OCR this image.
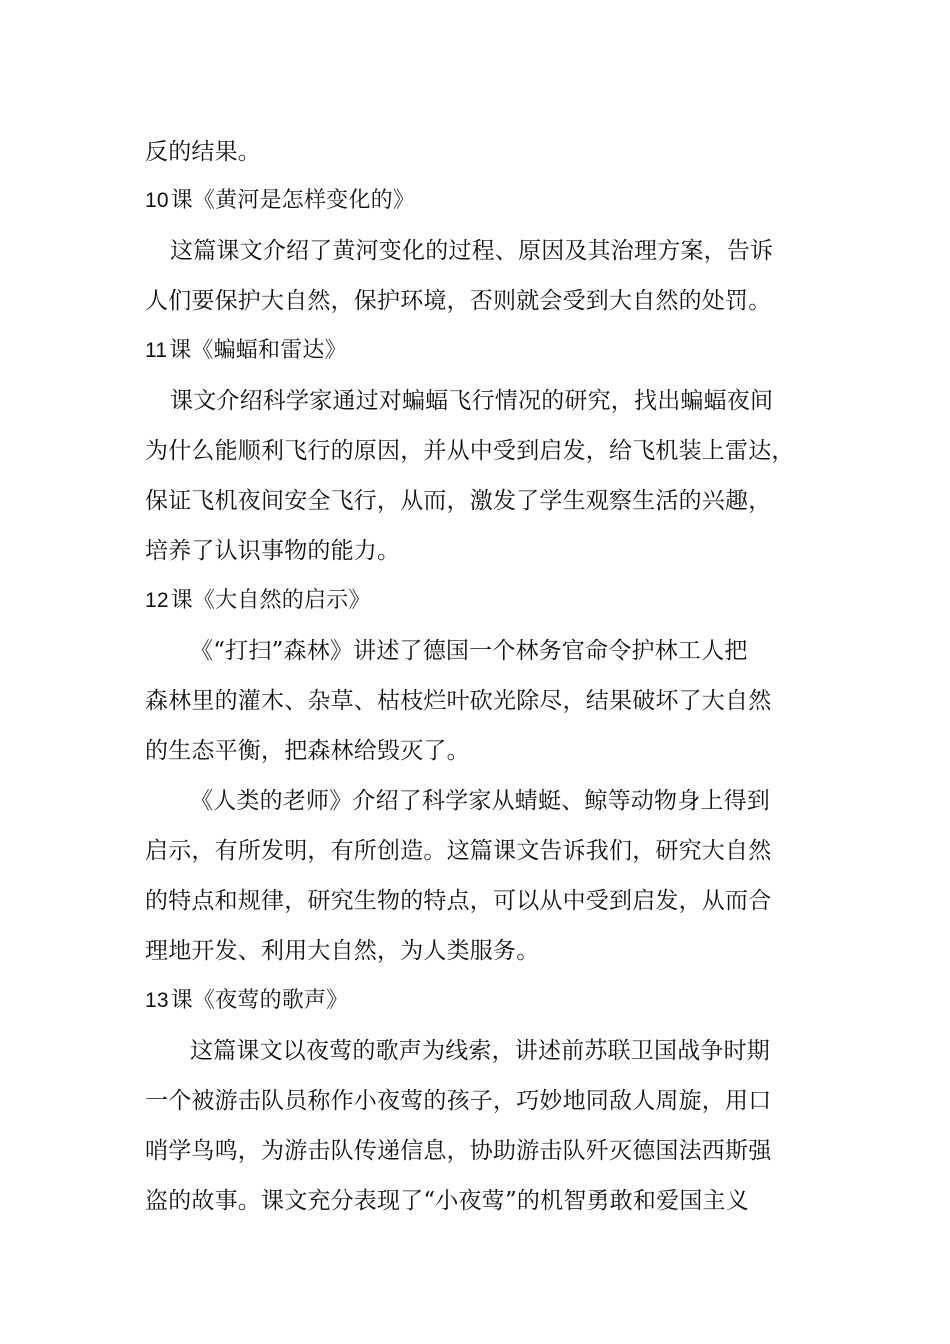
反的结果。
10课《黄河是怎样变化的》
这篇课文介绍了黄河变化的过程、原因及其治理方案，告诉
人们要保护大自然，保护环境，否则就会受到大自然的处罚。
11课《蝙蝠和雷达》
课文介绍科学家通过对蝙蝠飞行情况的研究，找出蝙蝠夜间
为什么能顺利飞行的原因，并从中受到启发，给飞机装上雷达，
保证飞机夜间安全飞行，从而，激发了学生观察生活的兴趣，
培养了认识事物的能力。
12课《大自然的启示》
《“打扫”森林》讲述了德国一个林务官命令护林工人把
森林里的灌木、杂草、枯枝烂叶砍光除尽，结果破坏了大自然
的生态平衡，把森林给毁灭了。
《人类的老师》介绍了科学家从蜻蜓、鲸等动物身上得到
启示，有所发明，有所创造。这篇课文告诉我们，研究大自然
的特点和规律，研究生物的特点，可以从中受到启发，从而合
理地开发、利用大自然，为人类服务。
13课《夜莺的歌声》
这篇课文以夜莺的歌声为线索，讲述前苏联卫国战争时期
一个被游击队员称作小夜莺的孩子，巧妙地同敌人周旋，用口
哨学鸟鸣，为游击队传递信息，协助游击队歼灭德国法西斯强
盗的故事。课文充分表现了“小夜莺”的机智勇敢和爱国主义
